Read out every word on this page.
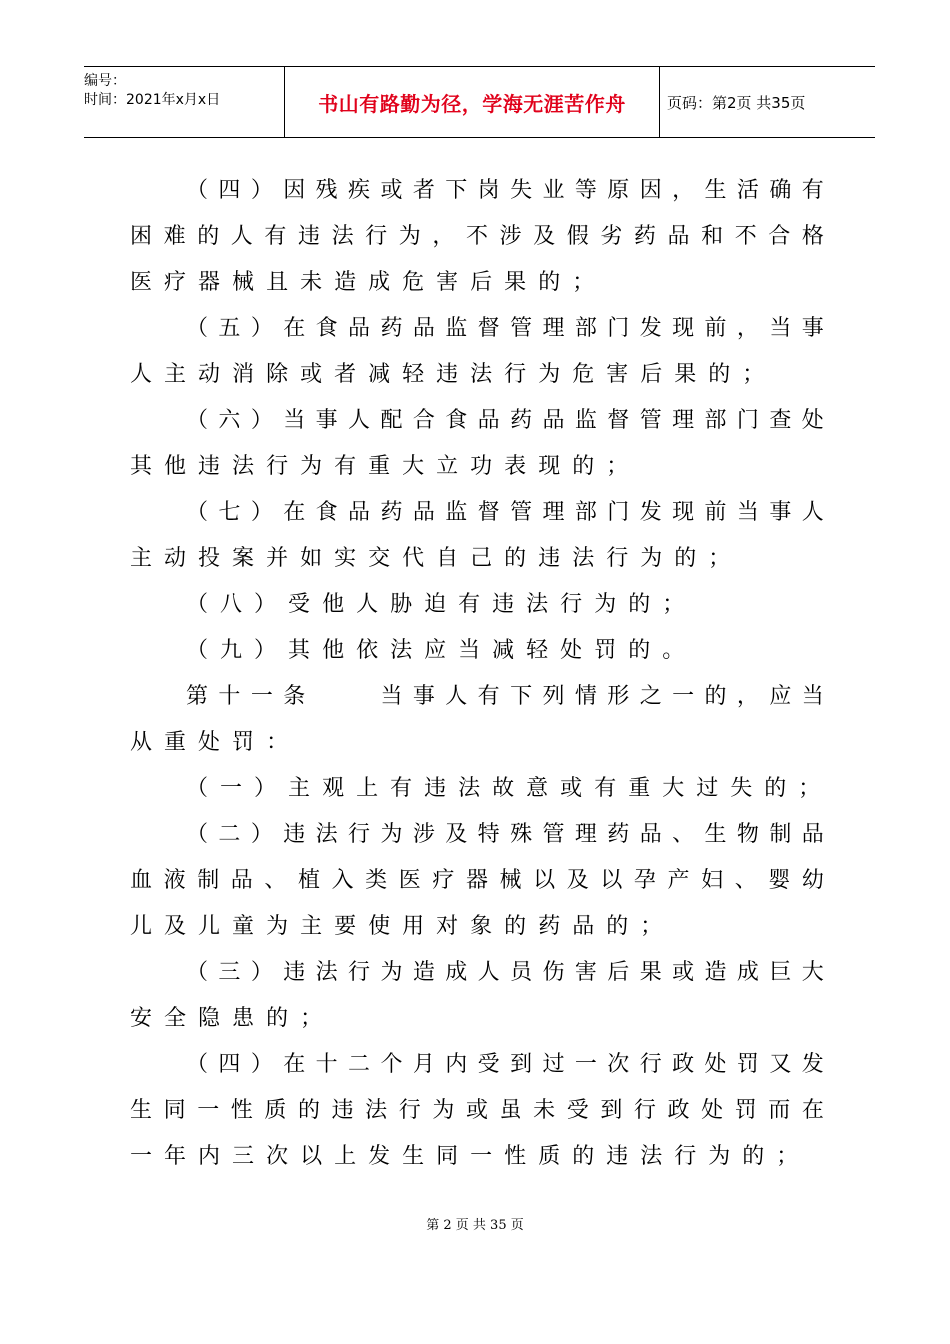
编号：
时间：2021年x月x日	书山有路勤为径，学海无涯苦作舟	页码：第2页 共35页
（ 四 ） 因 残 疾 或 者 下 岗 失 业 等 原 因 ， 生 活 确 有
困 难 的 人 有 违 法 行 为 ， 不 涉 及 假 劣 药 品 和 不 合 格
医 疗 器 械 且 未 造 成 危 害 后 果 的 ；
（ 五 ） 在 食 品 药 品 监 督 管 理 部 门 发 现 前 ， 当 事
人 主 动 消 除 或 者 减 轻 违 法 行 为 危 害 后 果 的 ；
（ 六 ） 当 事 人 配 合 食 品 药 品 监 督 管 理 部 门 查 处
其 他 违 法 行 为 有 重 大 立 功 表 现 的 ；
（ 七 ） 在 食 品 药 品 监 督 管 理 部 门 发 现 前 当 事 人
主 动 投 案 并 如 实 交 代 自 己 的 违 法 行 为 的 ；
（ 八 ） 受 他 人 胁 迫 有 违 法 行 为 的 ；
（ 九 ） 其 他 依 法 应 当 减 轻 处 罚 的 。
第 十 一 条

　	当 事 人 有 下 列 情 形 之 一 的 ， 应 当
从 重 处 罚 ：
（ 一 ） 主 观 上 有 违 法 故 意 或 有 重 大 过 失 的 ；
（ 二 ） 违 法 行 为 涉 及 特 殊 管 理 药 品 、 生 物 制 品
血 液 制 品 、 植 入 类 医 疗 器 械 以 及 以 孕 产 妇 、 婴 幼
儿 及 儿 童 为 主 要 使 用 对 象 的 药 品 的 ；
（ 三 ） 违 法 行 为 造 成 人 员 伤 害 后 果 或 造 成 巨 大
安 全 隐 患 的 ；
（ 四 ） 在 十 二 个 月 内 受 到 过 一 次 行 政 处 罚 又 发
生 同 一 性 质 的 违 法 行 为 或 虽 未 受 到 行 政 处 罚 而 在
一 年 内 三 次 以 上 发 生 同 一 性 质 的 违 法 行 为 的 ；
第 2 页 共 35 页
